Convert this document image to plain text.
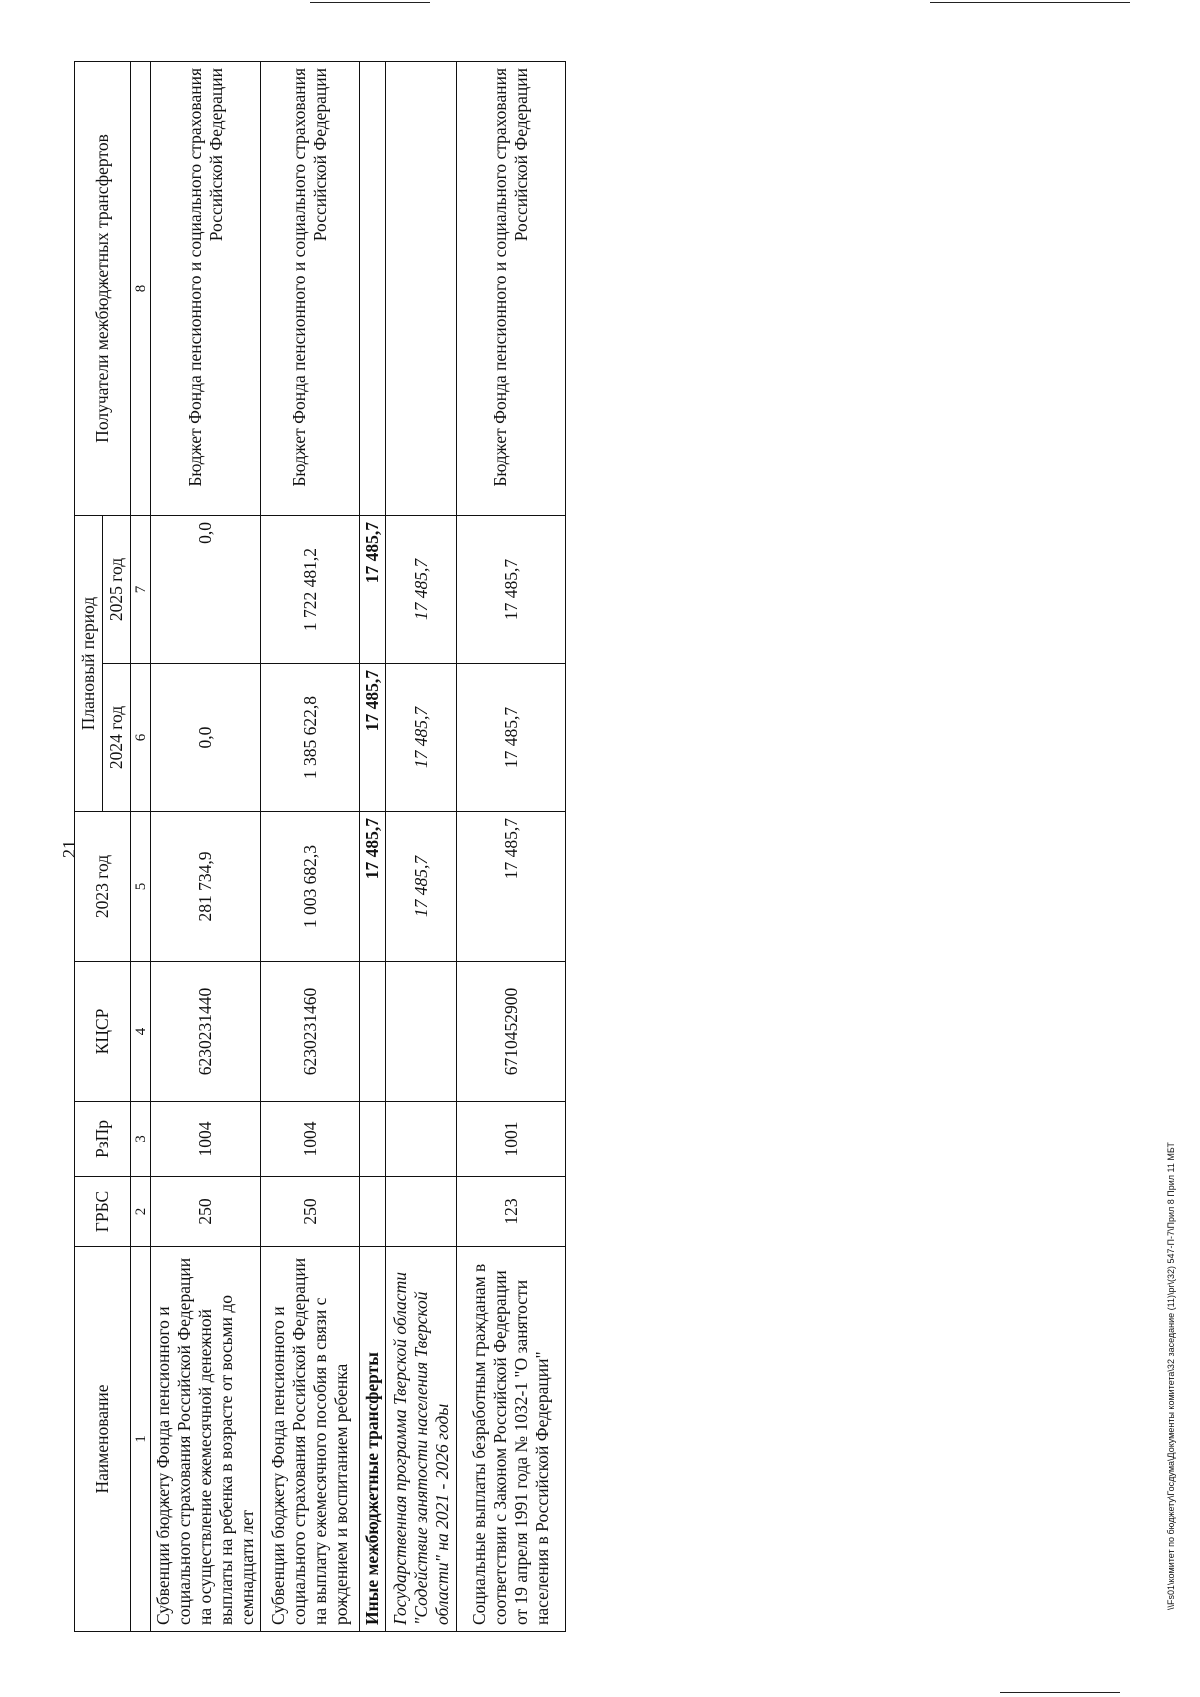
21
\\Fs01\комитет по бюджету\Госдума\Документы комитета\32 заседание (11)\pr\(32) 547-П-7\Прил 8 Прил 11 МБТ
Наименование	ГРБС	РзПр	КЦСР	2023 год	Плановый период		Получатели межбюджетных трансфертов
					2024 год	2025 год	
1	2	3	4	5	6	7	8
Субвенции бюджету Фонда пенсионного и социального страхования Российской Федерации на осуществление ежемесячной денежной выплаты на ребенка в возрасте от восьми до семнадцати лет	250	1004	6230231440	281 734,9	0,0	0,0	Бюджет Фонда пенсионного и социального страхования Российской Федерации
Субвенции бюджету Фонда пенсионного и социального страхования Российской Федерации на выплату ежемесячного пособия в связи с рождением и воспитанием ребенка	250	1004	6230231460	1 003 682,3	1 385 622,8	1 722 481,2	Бюджет Фонда пенсионного и социального страхования Российской Федерации
Иные межбюджетные трансферты				17 485,7	17 485,7	17 485,7	
Государственная программа Тверской области "Содействие занятости населения Тверской области" на 2021 - 2026 годы				17 485,7	17 485,7	17 485,7	
Социальные выплаты безработным гражданам в соответствии с Законом Российской Федерации от 19 апреля 1991 года № 1032-1 "О занятости населения в Российской Федерации"	123	1001	6710452900	17 485,7	17 485,7	17 485,7	Бюджет Фонда пенсионного и социального страхования Российской Федерации
